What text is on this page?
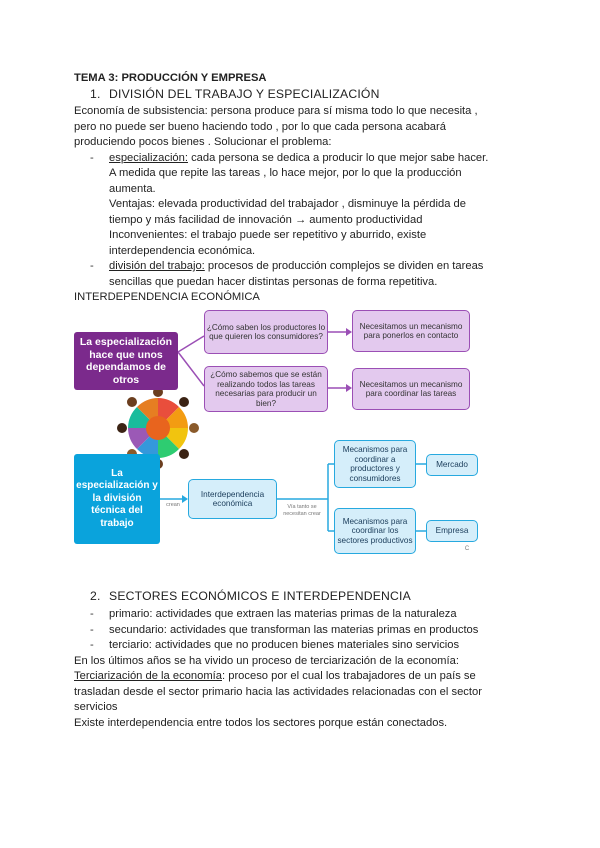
TEMA 3: PRODUCCIÓN Y EMPRESA
1. DIVISIÓN DEL TRABAJO Y ESPECIALIZACIÓN
Economía de subsistencia: persona produce para sí misma todo lo que necesita ,
pero no puede ser bueno haciendo todo , por lo que cada persona acabará
produciendo pocos bienes . Solucionar el problema:
- especialización: cada persona se dedica a producir lo que mejor sabe hacer.
A medida que repite las tareas , lo hace mejor, por lo que la producción
aumenta.
Ventajas: elevada productividad del trabajador , disminuye la pérdida de
tiempo y más facilidad de innovación → aumento productividad
Inconvenientes: el trabajo puede ser repetitivo y aburrido, existe
interdependencia económica.
- división del trabajo: procesos de producción complejos se dividen en tareas
sencillas que puedan hacer distintas personas de forma repetitiva.
INTERDEPENDENCIA ECONÓMICA
La especialización hace que unos dependamos de otros
¿Cómo saben los productores lo que quieren los consumidores?
Necesitamos un mecanismo para ponerlos en contacto
¿Cómo sabemos que se están realizando todos las tareas necesarias para producir un bien?
Necesitamos un mecanismo para coordinar las tareas
La especialización y la división técnica del trabajo
crean
Interdependencia económica	Vía tanto se necesitan crear
Mecanismos para coordinar a productores y consumidores
Mercado
Mecanismos para coordinar los sectores productivos
Empresa
C
2. SECTORES ECONÓMICOS E INTERDEPENDENCIA
- primario: actividades que extraen las materias primas de la naturaleza
- secundario: actividades que transforman las materias primas en productos
- terciario: actividades que no producen bienes materiales sino servicios
En los últimos años se ha vivido un proceso de terciarización de la economía:
Terciarización de la economía: proceso por el cual los trabajadores de un país se
trasladan desde el sector primario hacia las actividades relacionadas con el sector
servicios
Existe interdependencia entre todos los sectores porque están conectados.
